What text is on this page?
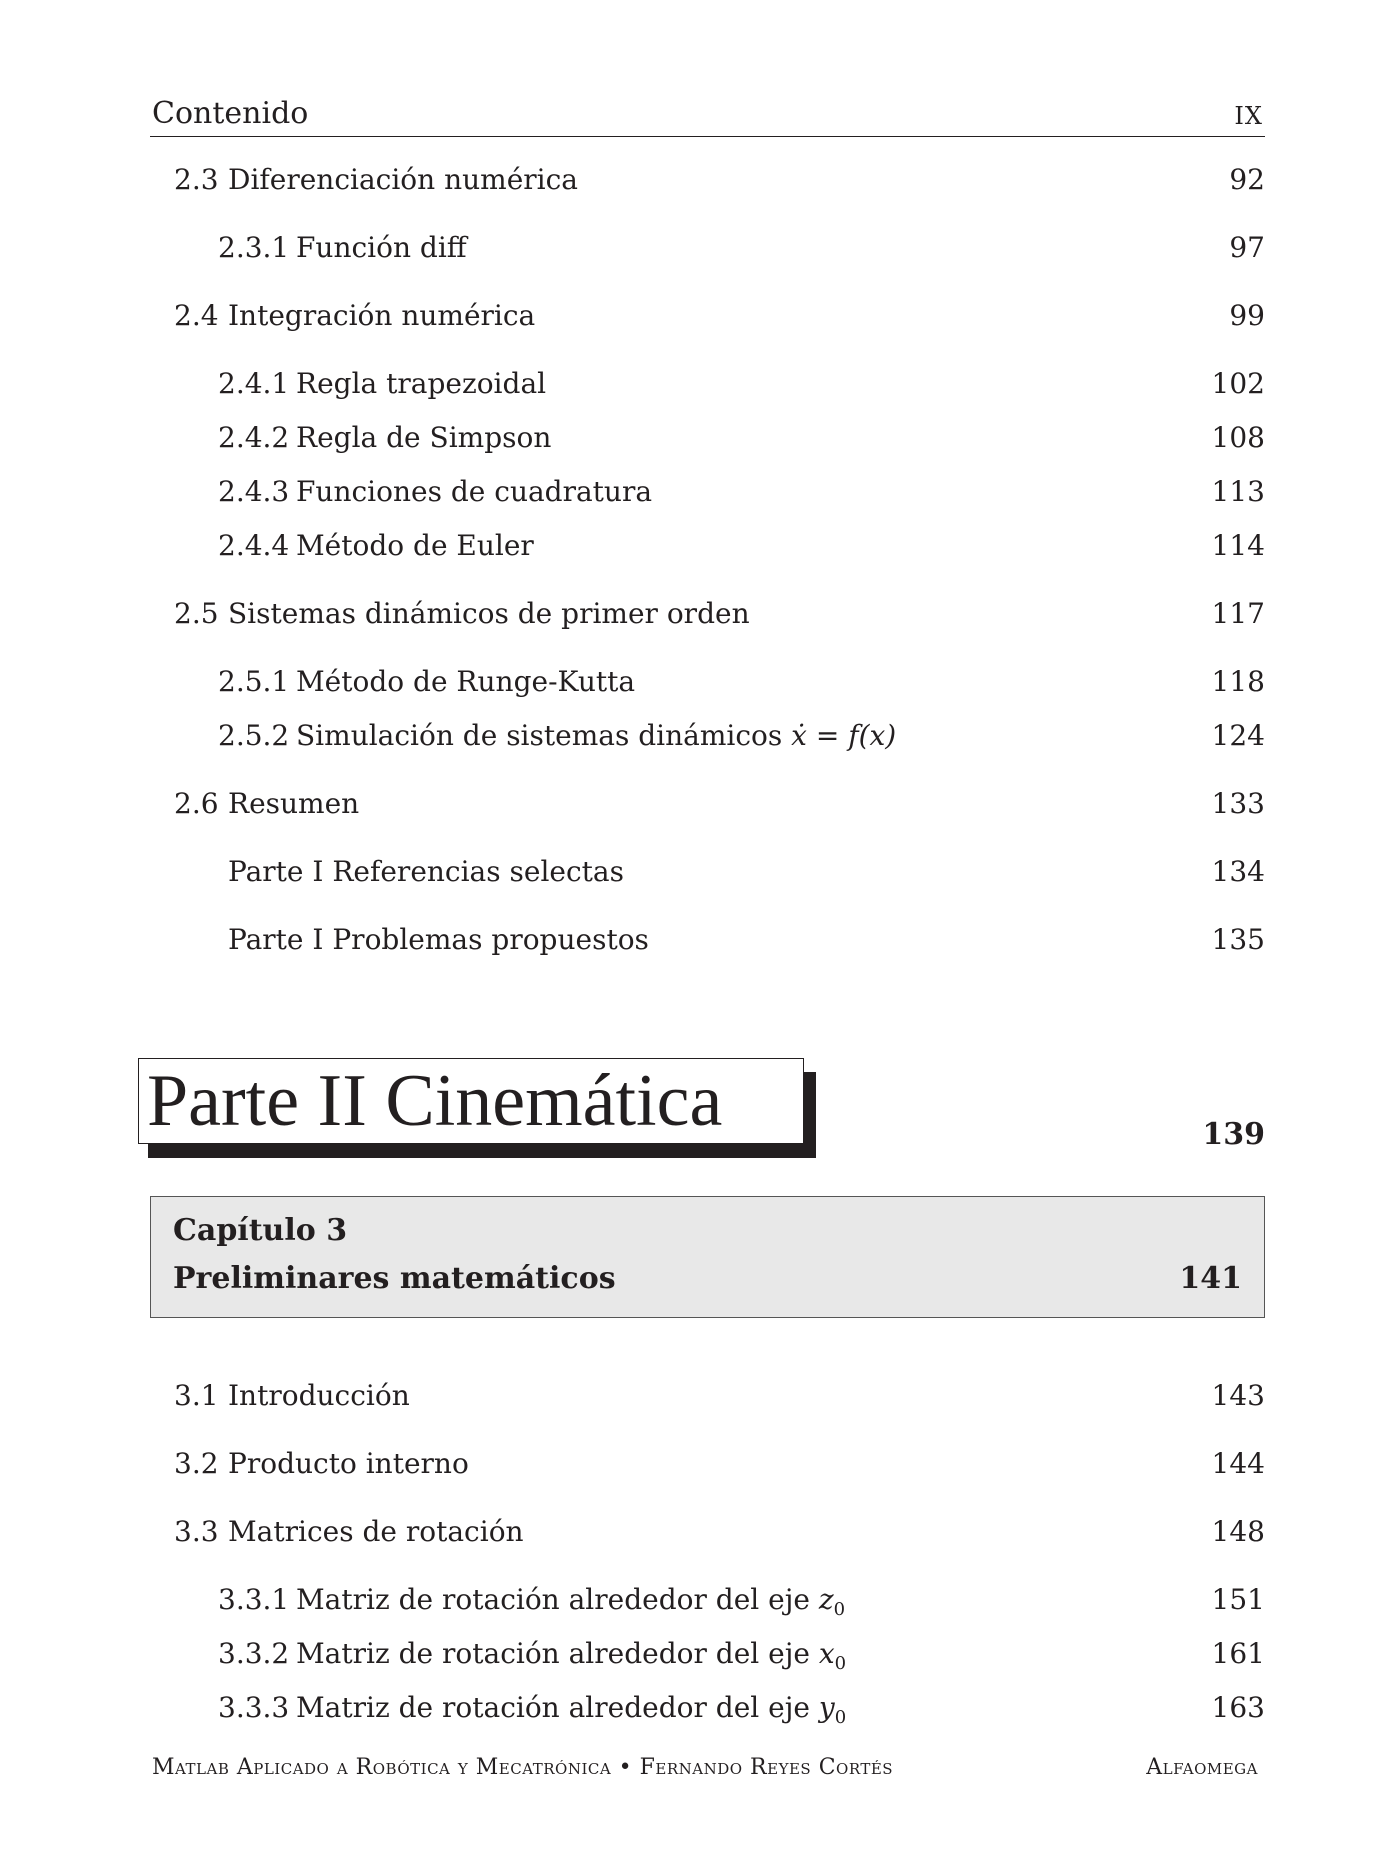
Contenido	IX
2.3 Diferenciación numérica	92
2.3.1 Función diff	97
2.4 Integración numérica	99
2.4.1 Regla trapezoidal	102
2.4.2 Regla de Simpson	108
2.4.3 Funciones de cuadratura	113
2.4.4 Método de Euler	114
2.5 Sistemas dinámicos de primer orden	117
2.5.1 Método de Runge-Kutta	118
2.5.2 Simulación de sistemas dinámicos ẋ = f(x)	124
2.6 Resumen	133
Parte I Referencias selectas	134
Parte I Problemas propuestos	135
Parte II Cinemática	139
Capítulo 3
Preliminares matemáticos	141
3.1 Introducción	143
3.2 Producto interno	144
3.3 Matrices de rotación	148
3.3.1 Matriz de rotación alrededor del eje $z_0$	151
3.3.2 Matriz de rotación alrededor del eje $x_0$	161
3.3.3 Matriz de rotación alrededor del eje $y_0$	163
Matlab Aplicado a Robótica y Mecatrónica • Fernando Reyes Cortés	Alfaomega
